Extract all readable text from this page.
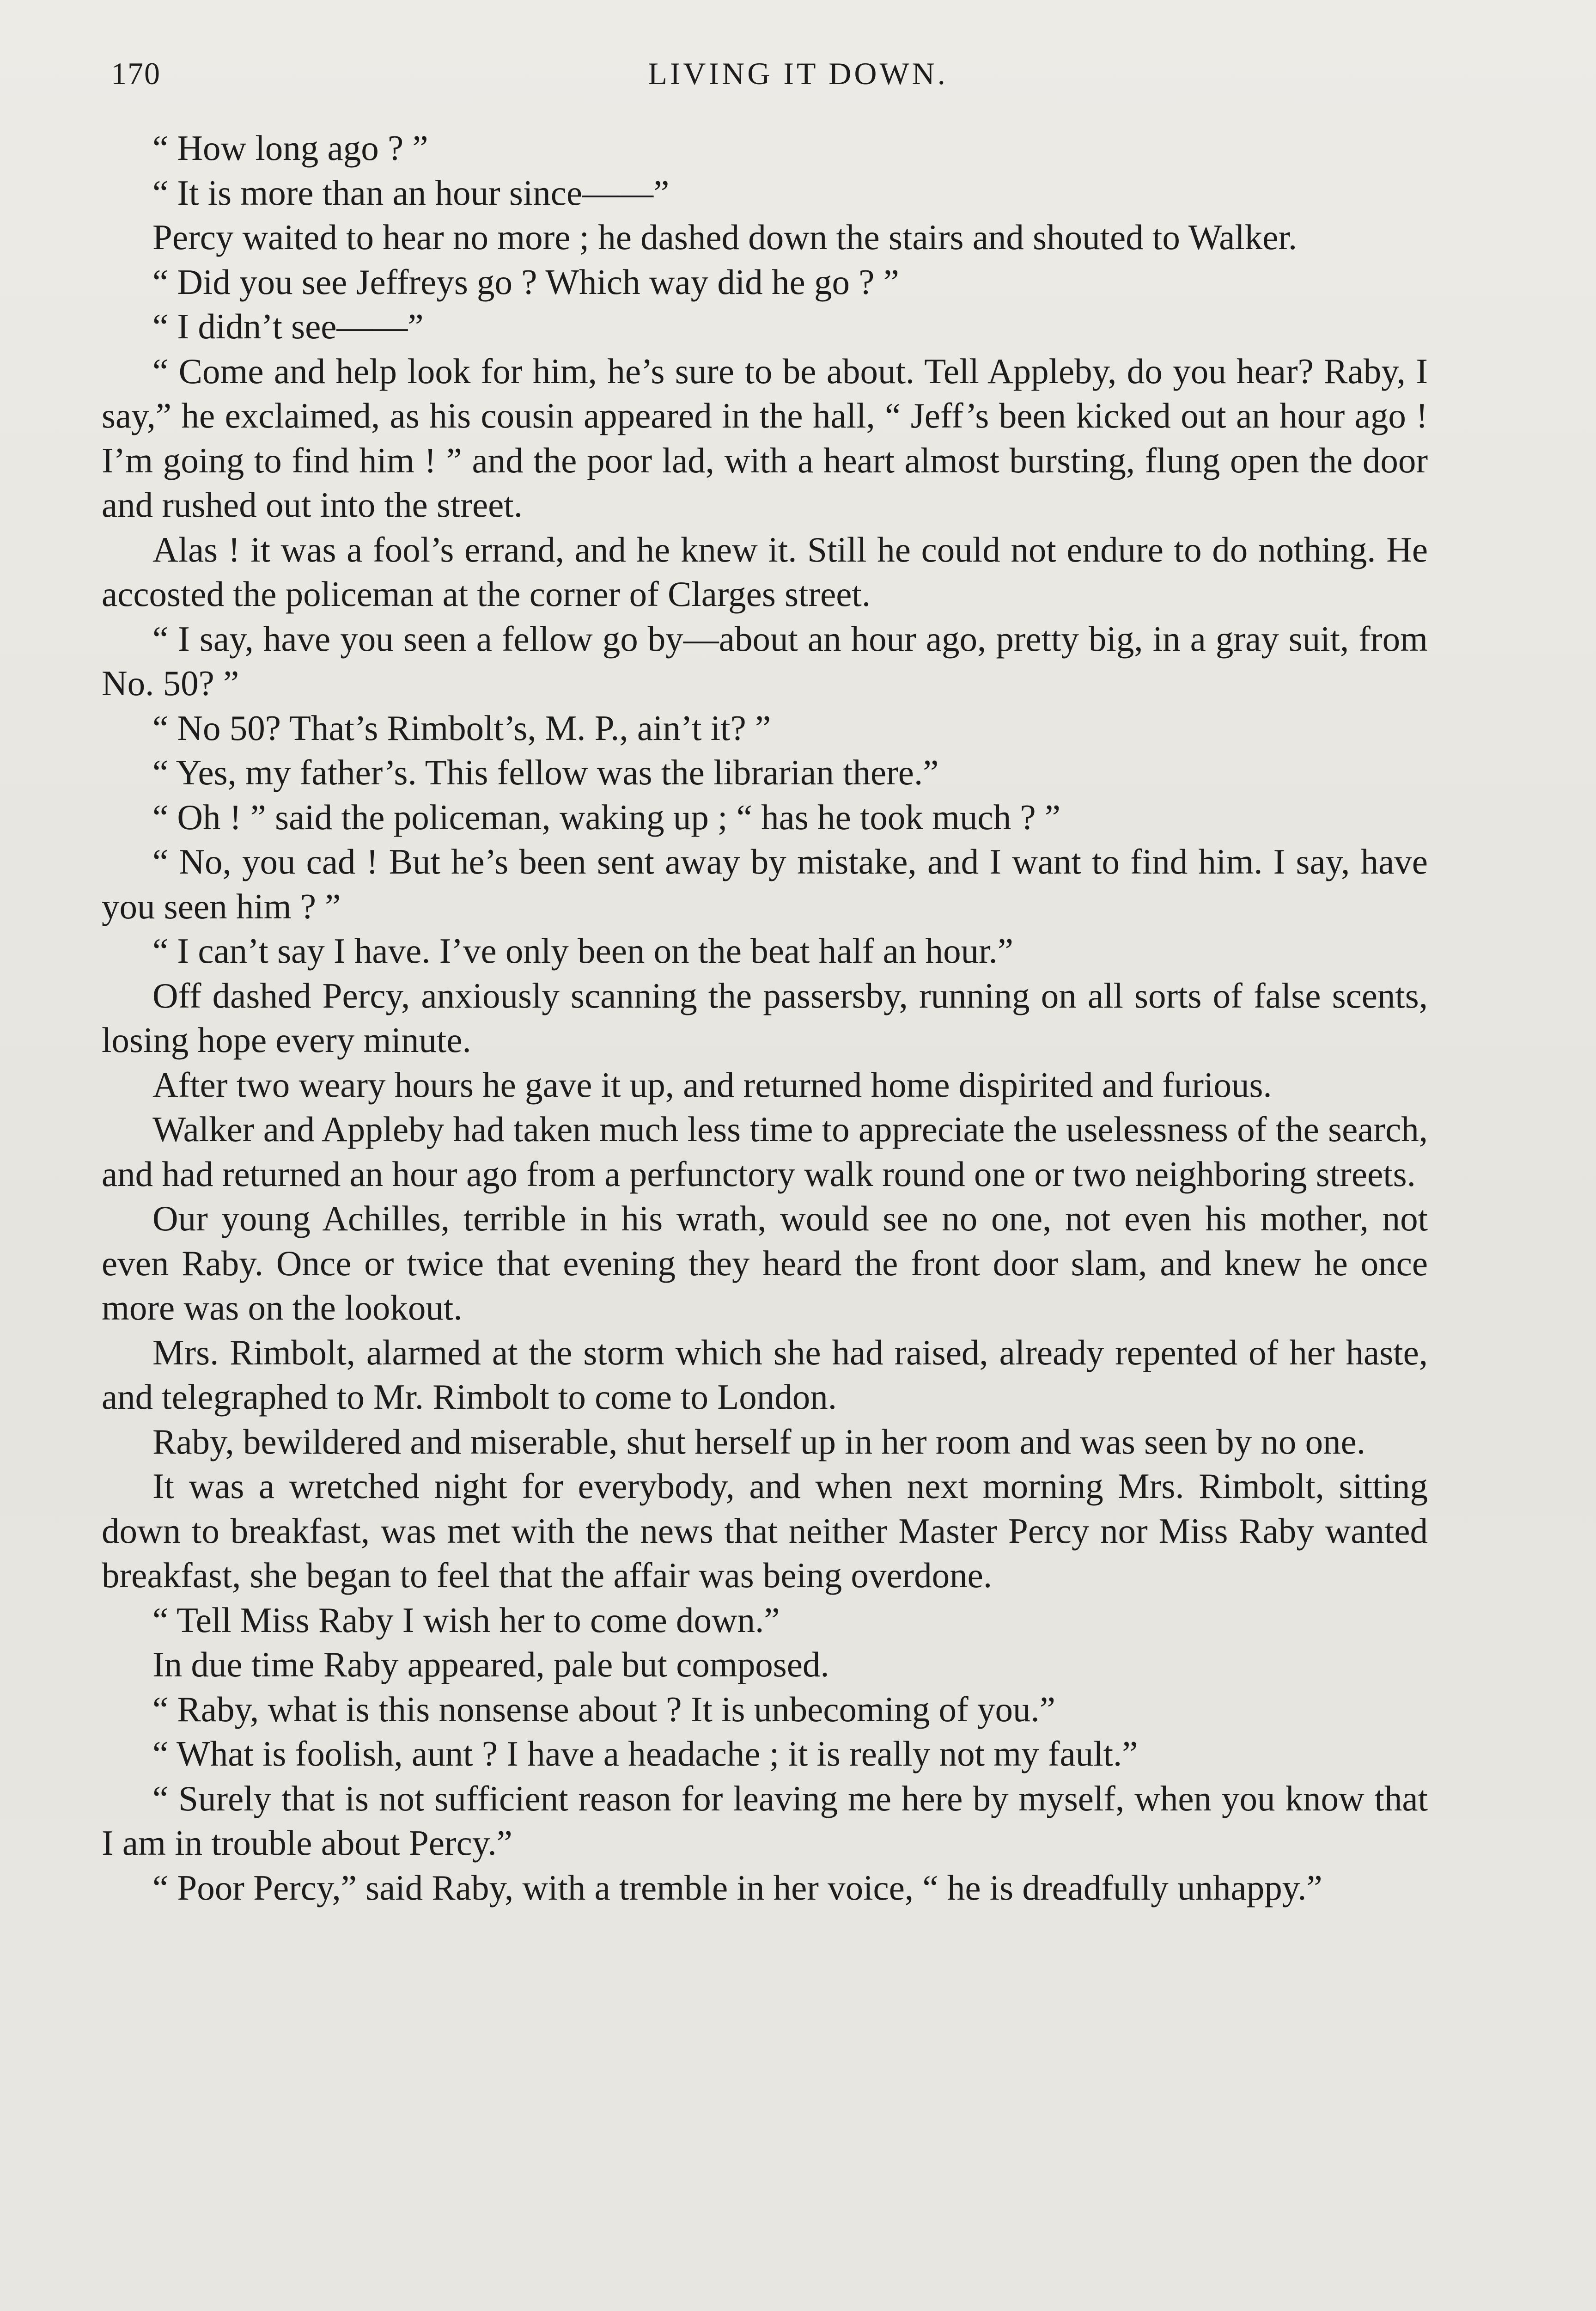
170	LIVING IT DOWN.

“ How long ago ? ”

“ It is more than an hour since——”

Percy waited to hear no more ; he dashed down the stairs and shouted to Walker.

“ Did you see Jeffreys go ? Which way did he go ? ”

“ I didn’t see——”

“ Come and help look for him, he’s sure to be about. Tell Appleby, do you hear? Raby, I say,” he exclaimed, as his cousin appeared in the hall, “ Jeff’s been kicked out an hour ago ! I’m going to find him ! ” and the poor lad, with a heart almost bursting, flung open the door and rushed out into the street.

Alas ! it was a fool’s errand, and he knew it. Still he could not endure to do nothing. He accosted the policeman at the corner of Clarges street.

“ I say, have you seen a fellow go by—about an hour ago, pretty big, in a gray suit, from No. 50? ”

“ No 50? That’s Rimbolt’s, M. P., ain’t it? ”

“ Yes, my father’s. This fellow was the librarian there.”

“ Oh ! ” said the policeman, waking up ; “ has he took much ? ”

“ No, you cad ! But he’s been sent away by mistake, and I want to find him. I say, have you seen him ? ”

“ I can’t say I have. I’ve only been on the beat half an hour.”

Off dashed Percy, anxiously scanning the passersby, running on all sorts of false scents, losing hope every minute.

After two weary hours he gave it up, and returned home dispirited and furious.

Walker and Appleby had taken much less time to appreciate the uselessness of the search, and had returned an hour ago from a perfunctory walk round one or two neighboring streets.

Our young Achilles, terrible in his wrath, would see no one, not even his mother, not even Raby. Once or twice that evening they heard the front door slam, and knew he once more was on the lookout.

Mrs. Rimbolt, alarmed at the storm which she had raised, already repented of her haste, and telegraphed to Mr. Rimbolt to come to London.

Raby, bewildered and miserable, shut herself up in her room and was seen by no one.

It was a wretched night for everybody, and when next morning Mrs. Rimbolt, sitting down to breakfast, was met with the news that neither Master Percy nor Miss Raby wanted breakfast, she began to feel that the affair was being overdone.

“ Tell Miss Raby I wish her to come down.”

In due time Raby appeared, pale but composed.

“ Raby, what is this nonsense about ? It is unbecoming of you.”

“ What is foolish, aunt ? I have a headache ; it is really not my fault.”

“ Surely that is not sufficient reason for leaving me here by myself, when you know that I am in trouble about Percy.”

“ Poor Percy,” said Raby, with a tremble in her voice, “ he is dreadfully unhappy.”
